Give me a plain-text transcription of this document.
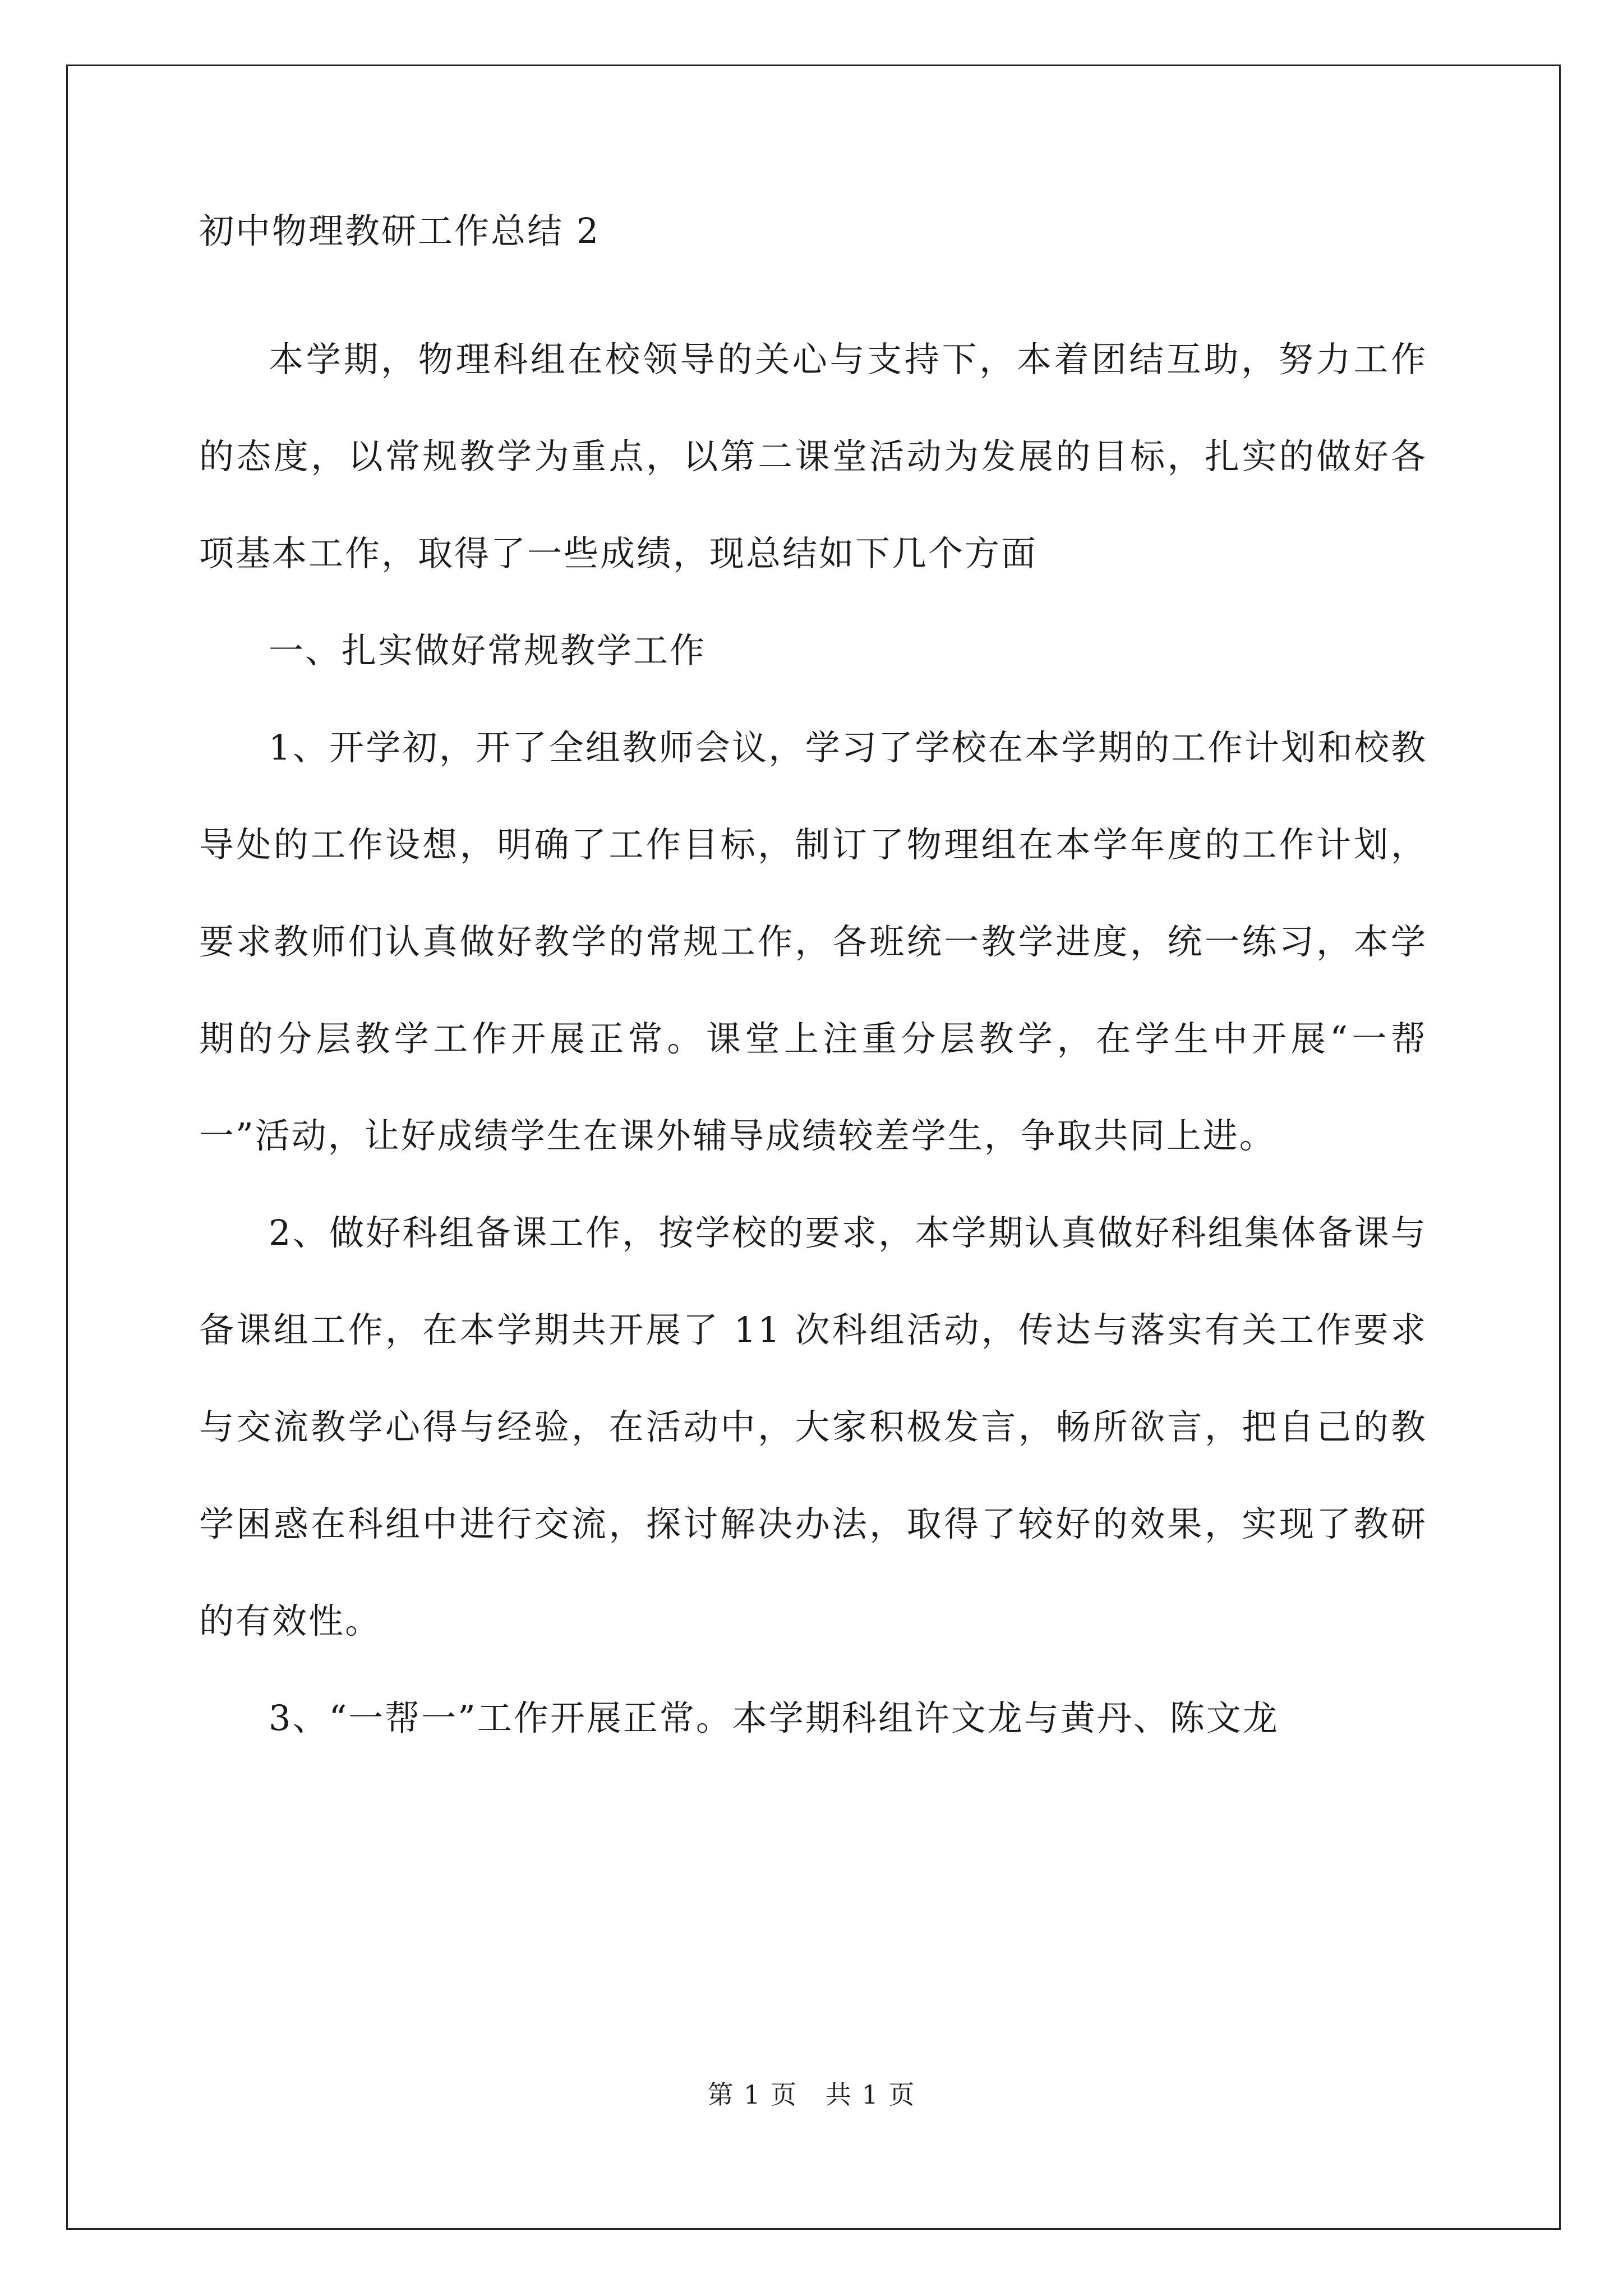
初中物理教研工作总结 2

本学期，物理科组在校领导的关心与支持下，本着团结互助，努力工作的态度，以常规教学为重点，以第二课堂活动为发展的目标，扎实的做好各项基本工作，取得了一些成绩，现总结如下几个方面

一、扎实做好常规教学工作

1、开学初，开了全组教师会议，学习了学校在本学期的工作计划和校教导处的工作设想，明确了工作目标，制订了物理组在本学年度的工作计划，要求教师们认真做好教学的常规工作，各班统一教学进度，统一练习，本学期的分层教学工作开展正常。课堂上注重分层教学，在学生中开展“一帮一”活动，让好成绩学生在课外辅导成绩较差学生，争取共同上进。

2、做好科组备课工作，按学校的要求，本学期认真做好科组集体备课与备课组工作，在本学期共开展了 11 次科组活动，传达与落实有关工作要求与交流教学心得与经验，在活动中，大家积极发言，畅所欲言，把自己的教学困惑在科组中进行交流，探讨解决办法，取得了较好的效果，实现了教研的有效性。

3、“一帮一”工作开展正常。本学期科组许文龙与黄丹、陈文龙

第 1 页   共 1 页
